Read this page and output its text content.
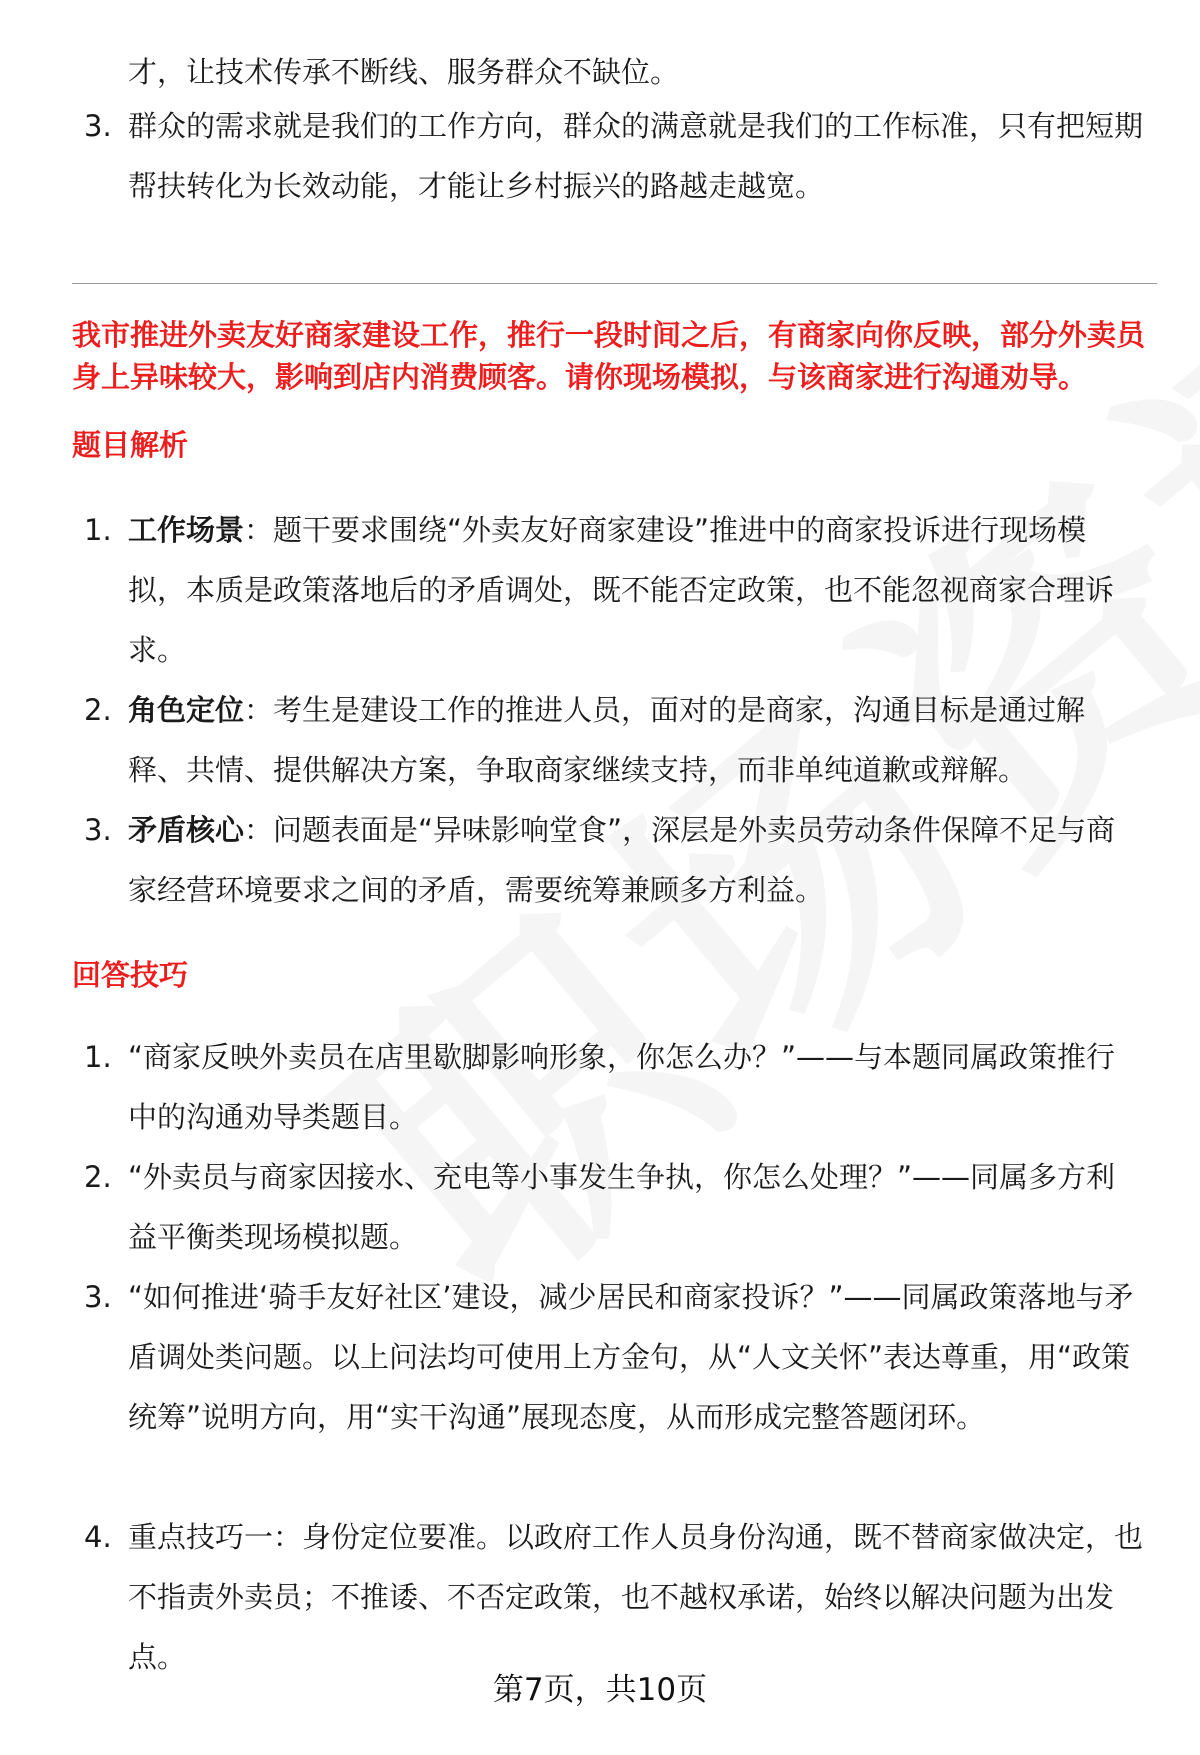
才，让技术传承不断线、服务群众不缺位。
3. 群众的需求就是我们的工作方向，群众的满意就是我们的工作标准，只有把短期帮扶转化为长效动能，才能让乡村振兴的路越走越宽。
我市推进外卖友好商家建设工作，推行一段时间之后，有商家向你反映，部分外卖员身上异味较大，影响到店内消费顾客。请你现场模拟，与该商家进行沟通劝导。
题目解析
1. 工作场景：题干要求围绕“外卖友好商家建设”推进中的商家投诉进行现场模拟，本质是政策落地后的矛盾调处，既不能否定政策，也不能忽视商家合理诉求。
2. 角色定位：考生是建设工作的推进人员，面对的是商家，沟通目标是通过解释、共情、提供解决方案，争取商家继续支持，而非单纯道歉或辩解。
3. 矛盾核心：问题表面是“异味影响堂食”，深层是外卖员劳动条件保障不足与商家经营环境要求之间的矛盾，需要统筹兼顾多方利益。
回答技巧
1. “商家反映外卖员在店里歇脚影响形象，你怎么办？”——与本题同属政策推行中的沟通劝导类题目。
2. “外卖员与商家因接水、充电等小事发生争执，你怎么处理？”——同属多方利益平衡类现场模拟题。
3. “如何推进‘骑手友好社区’建设，减少居民和商家投诉？”——同属政策落地与矛盾调处类问题。以上问法均可使用上方金句，从“人文关怀”表达尊重，用“政策统筹”说明方向，用“实干沟通”展现态度，从而形成完整答题闭环。
4. 重点技巧一：身份定位要准。以政府工作人员身份沟通，既不替商家做决定，也不指责外卖员；不推诿、不否定政策，也不越权承诺，始终以解决问题为出发点。
第7页，共10页
